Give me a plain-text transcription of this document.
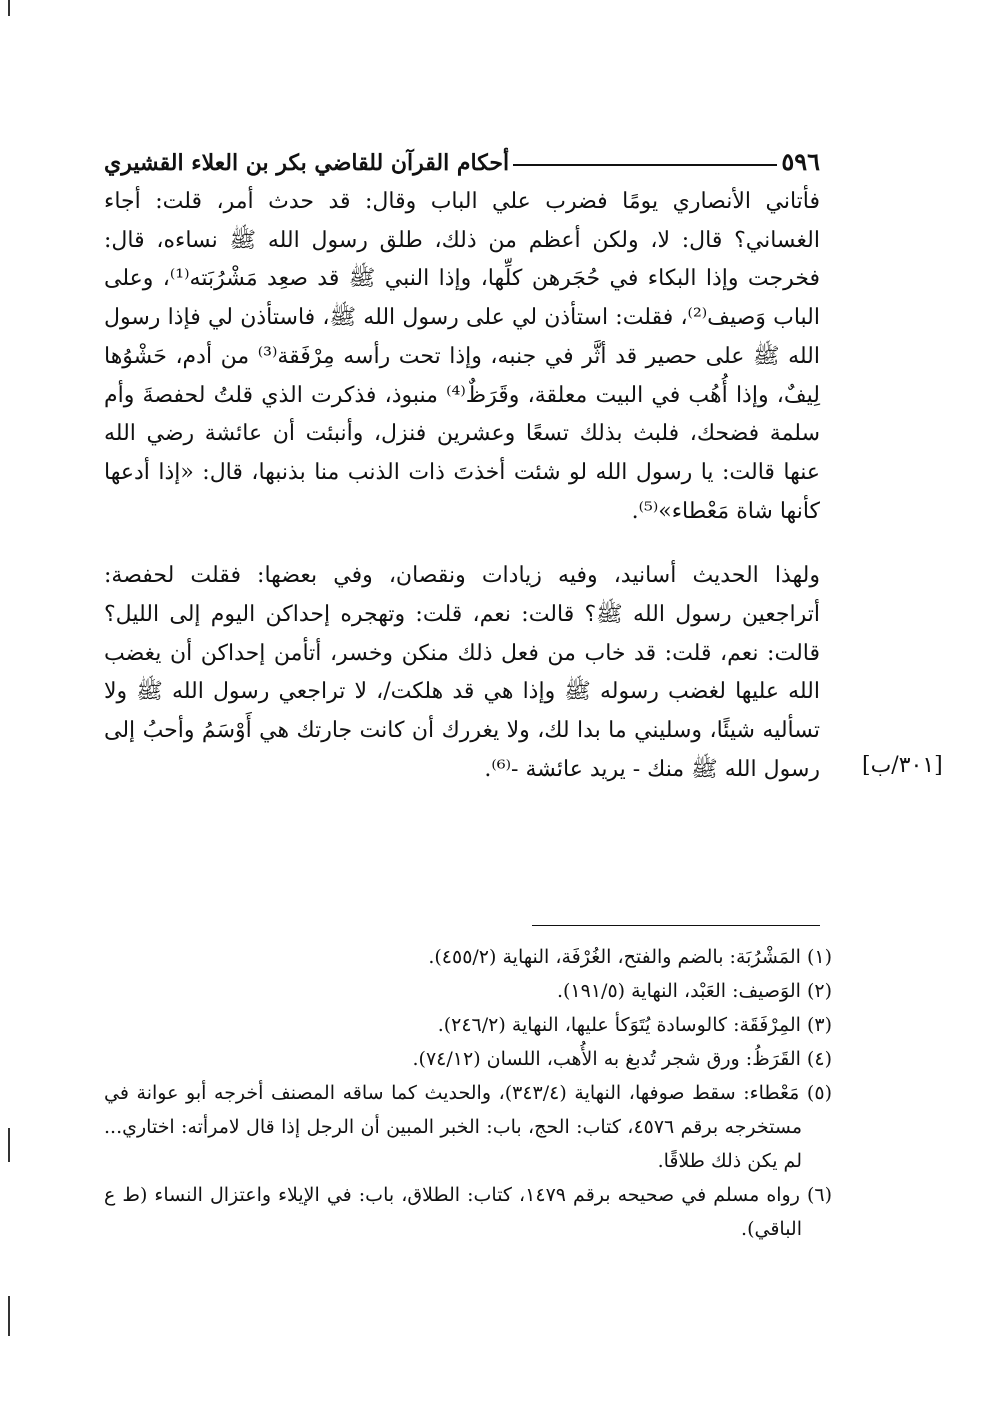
٥٩٦
أحكام القرآن للقاضي بكر بن العلاء القشيري

فأتاني الأنصاري يومًا فضرب علي الباب وقال: قد حدث أمر، قلت: أجاء الغساني؟ قال: لا، ولكن أعظم من ذلك، طلق رسول الله ﷺ نساءه، قال: فخرجت وإذا البكاء في حُجَرهن كلِّها، وإذا النبي ﷺ قد صعِد مَشْرُبَته⁽¹⁾، وعلى الباب وَصيف⁽²⁾، فقلت: استأذن لي على رسول الله ﷺ، فاستأذن لي فإذا رسول الله ﷺ على حصير قد أثَّر في جنبه، وإذا تحت رأسه مِرْفَقة⁽³⁾ من أدم، حَشْوُها لِيفٌ، وإذا أُهُب في البيت معلقة، وقَرَظٌ⁽⁴⁾ منبوذ، فذكرت الذي قلتُ لحفصةَ وأم سلمة فضحك، فلبث بذلك تسعًا وعشرين فنزل، وأنبئت أن عائشة رضي الله عنها قالت: يا رسول الله لو شئت أخذتَ ذات الذنب منا بذنبها، قال: «إذا أدعها كأنها شاة مَعْطاء»⁽⁵⁾.

ولهذا الحديث أسانيد، وفيه زيادات ونقصان، وفي بعضها: فقلت لحفصة: أتراجعين رسول الله ﷺ؟ قالت: نعم، قلت: وتهجره إحداكن اليوم إلى الليل؟ قالت: نعم، قلت: قد خاب من فعل ذلك منكن وخسر، أتأمن إحداكن أن يغضب الله عليها لغضب رسوله ﷺ وإذا هي قد هلكت/، لا تراجعي رسول الله ﷺ ولا تسأليه شيئًا، وسليني ما بدا لك، ولا يغررك أن كانت جارتك هي أَوْسَمُ وأحبُ إلى رسول الله ﷺ منك - يريد عائشة -⁽⁶⁾. [٣٠١/ب]

(١) المَشْرُبَة: بالضم والفتح، الغُرْفَة، النهاية (٤٥٥/٢).

(٢) الوَصيف: العَبْد، النهاية (١٩١/٥).

(٣) المِرْفَقَة: كالوسادة يُتَوَكأ عليها، النهاية (٢٤٦/٢).

(٤) القَرَظُ: ورق شجر تُدبغ به الأُهب، اللسان (٧٤/١٢).

(٥) مَعْطاء: سقط صوفها، النهاية (٣٤٣/٤)، والحديث كما ساقه المصنف أخرجه أبو عوانة في مستخرجه برقم ٤٥٧٦، كتاب: الحج، باب: الخبر المبين أن الرجل إذا قال لامرأته: اختاري... لم يكن ذلك طلاقًا.

(٦) رواه مسلم في صحيحه برقم ١٤٧٩، كتاب: الطلاق، باب: في الإيلاء واعتزال النساء (ط ع الباقي).
